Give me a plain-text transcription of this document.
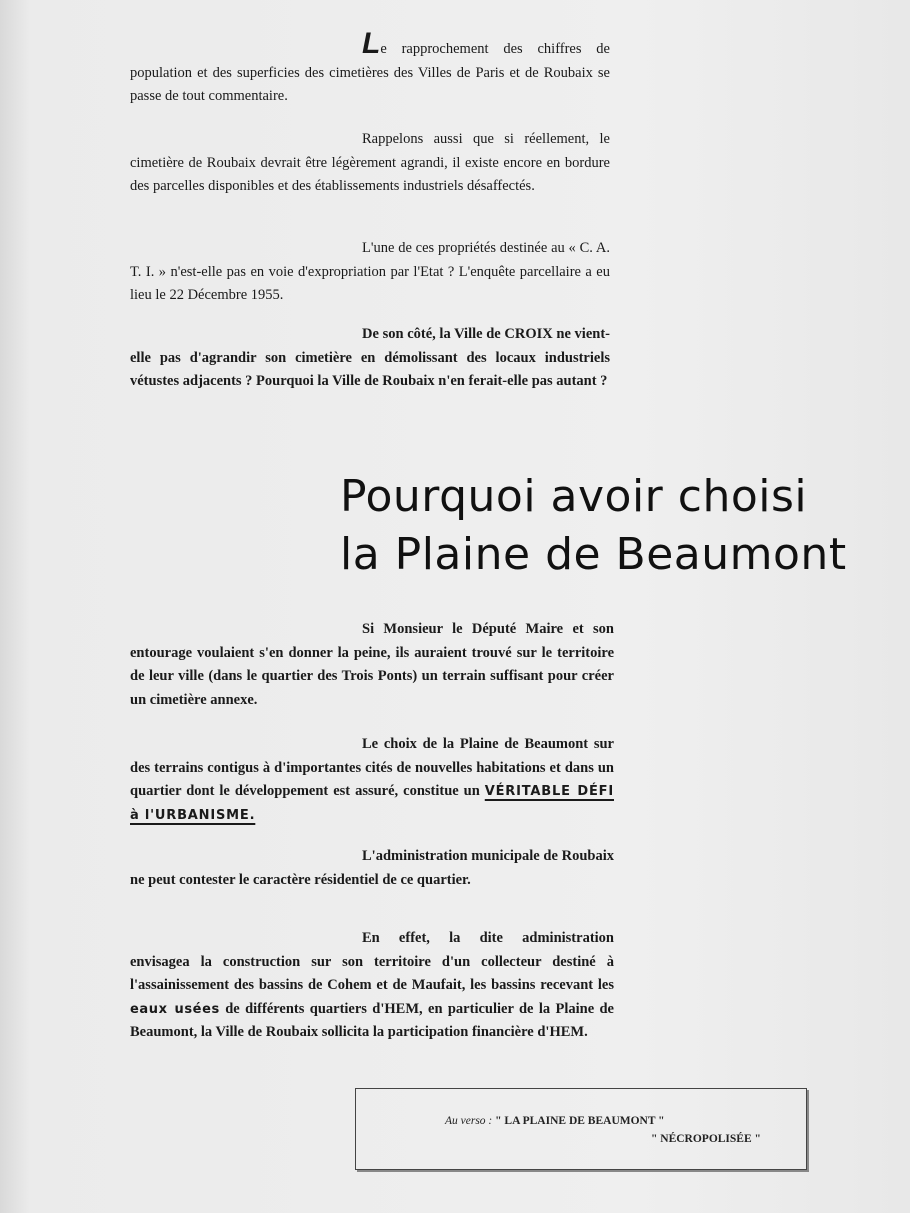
Le rapprochement des chiffres de population et des superficies des cimetières des Villes de Paris et de Roubaix se passe de tout commentaire.

Rappelons aussi que si réellement, le cimetière de Roubaix devrait être légèrement agrandi, il existe encore en bordure des parcelles disponibles et des établissements industriels désaffectés.

L'une de ces propriétés destinée au « C. A. T. I. » n'est-elle pas en voie d'expropriation par l'Etat ? L'enquête parcellaire a eu lieu le 22 Décembre 1955.

De son côté, la Ville de CROIX ne vient-elle pas d'agrandir son cimetière en démolissant des locaux industriels vétustes adjacents ? Pourquoi la Ville de Roubaix n'en ferait-elle pas autant ?

Pourquoi avoir choisi
la Plaine de Beaumont

Si Monsieur le Député Maire et son entourage voulaient s'en donner la peine, ils auraient trouvé sur le territoire de leur ville (dans le quartier des Trois Ponts) un terrain suffisant pour créer un cimetière annexe.

Le choix de la Plaine de Beaumont sur des terrains contigus à d'importantes cités de nouvelles habitations et dans un quartier dont le développement est assuré, constitue un VÉRITABLE DÉFI à l'URBANISME.

L'administration municipale de Roubaix ne peut contester le caractère résidentiel de ce quartier.

En effet, la dite administration envisagea la construction sur son territoire d'un collecteur destiné à l'assainissement des bassins de Cohem et de Maufait, les bassins recevant les eaux usées de différents quartiers d'HEM, en particulier de la Plaine de Beaumont, la Ville de Roubaix sollicita la participation financière d'HEM.

Au verso : " LA PLAINE DE BEAUMONT "
" NÉCROPOLISÉE "
